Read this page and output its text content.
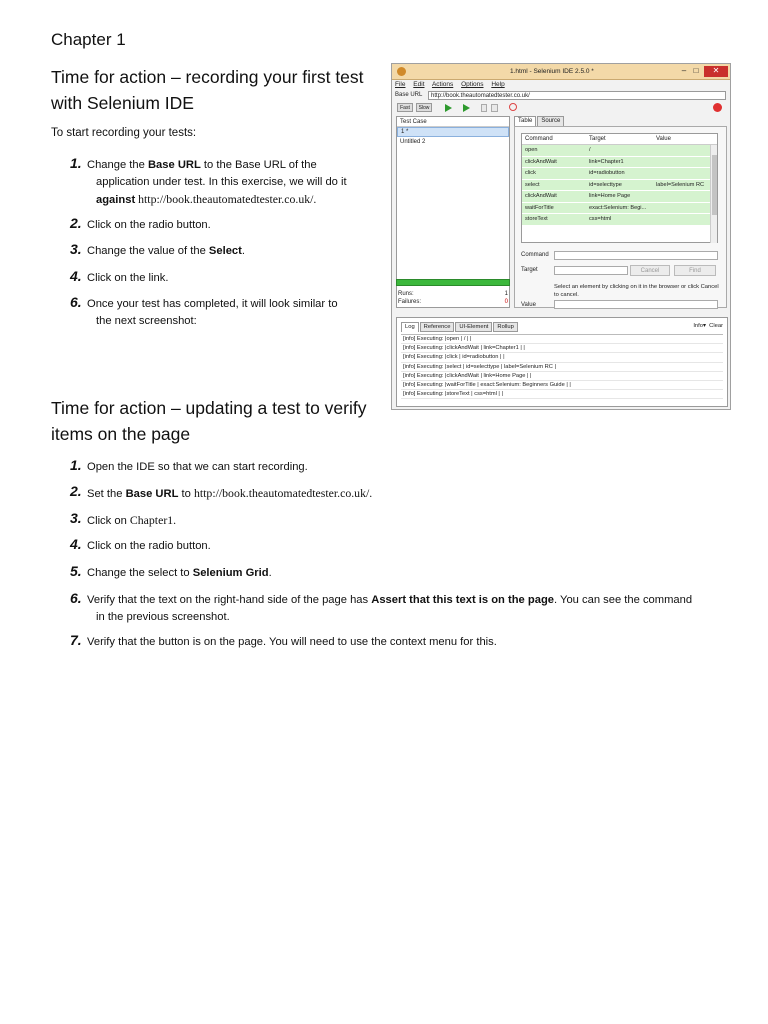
Chapter 1
Time for action – recording your first test
with Selenium IDE
To start recording your tests:
1. Change the Base URL to the Base URL of the
application under test. In this exercise, we will do it
against http://book.theautomatedtester.co.uk/.
2. Click on the radio button.
3. Change the value of the Select.
4. Click on the link.
6. Once your test has completed, it will look similar to
the next screenshot:
Time for action – updating a test to verify
items on the page
1. Open the IDE so that we can start recording.
2. Set the Base URL to http://book.theautomatedtester.co.uk/.
3. Click on Chapter1.
4. Click on the radio button.
5. Change the select to Selenium Grid.
6. Verify that the text on the right-hand side of the page has Assert that this text is on the page. You can see the command
in the previous screenshot.
7. Verify that the button is on the page. You will need to use the context menu for this.
1.html - Selenium IDE 2.5.0 *	– □	✕
File Edit Actions Options Help
Base URL	http://book.theautomatedtester.co.uk/
Fast	Slow
Test Case
1 *
Untitled 2
Runs:	1
Failures:	0
Table Source
Command	Target	Value
open	/
clickAndWait	link=Chapter1
click	id=radiobutton
select	id=selecttype	label=Selenium RC
clickAndWait	link=Home Page
waitForTitle	exact:Selenium: Begi...
storeText	css=html
Command
Target	Cancel	Find
Select an element by clicking on it in the browser or click Cancel to cancel.
Value
Log Reference UI-Element Rollup	Info▾ Clear
[info] Executing: |open | / | |
[info] Executing: |clickAndWait | link=Chapter1 | |
[info] Executing: |click | id=radiobutton | |
[info] Executing: |select | id=selecttype | label=Selenium RC |
[info] Executing: |clickAndWait | link=Home Page | |
[info] Executing: |waitForTitle | exact:Selenium: Beginners Guide | |
[info] Executing: |storeText | css=html | |
